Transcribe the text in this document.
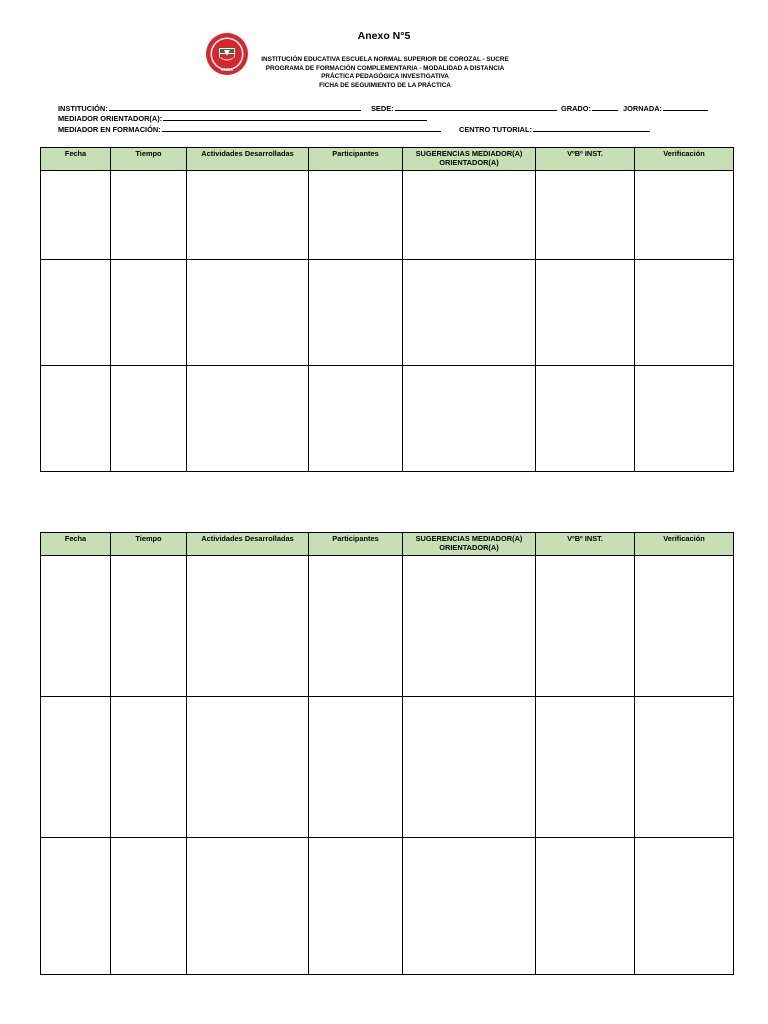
ENSC
Anexo N°5
INSTITUCIÓN EDUCATIVA ESCUELA NORMAL SUPERIOR DE COROZAL - SUCRE
PROGRAMA DE FORMACIÓN COMPLEMENTARIA - MODALIDAD A DISTANCIA
PRÁCTICA PEDAGÓGICA INVESTIGATIVA
FICHA DE SEGUIMIENTO DE LA PRÁCTICA
INSTITUCIÓN:	SEDE:	GRADO:	JORNADA:
MEDIADOR ORIENTADOR(A):
MEDIADOR EN FORMACIÓN:	CENTRO TUTORIAL:
Fecha	Tiempo	Actividades Desarrolladas	Participantes	SUGERENCIAS MEDIADOR(A) ORIENTADOR(A)	VºBº INST.	Verificación

Fecha	Tiempo	Actividades Desarrolladas	Participantes	SUGERENCIAS MEDIADOR(A) ORIENTADOR(A)	VºBº INST.	Verificación
